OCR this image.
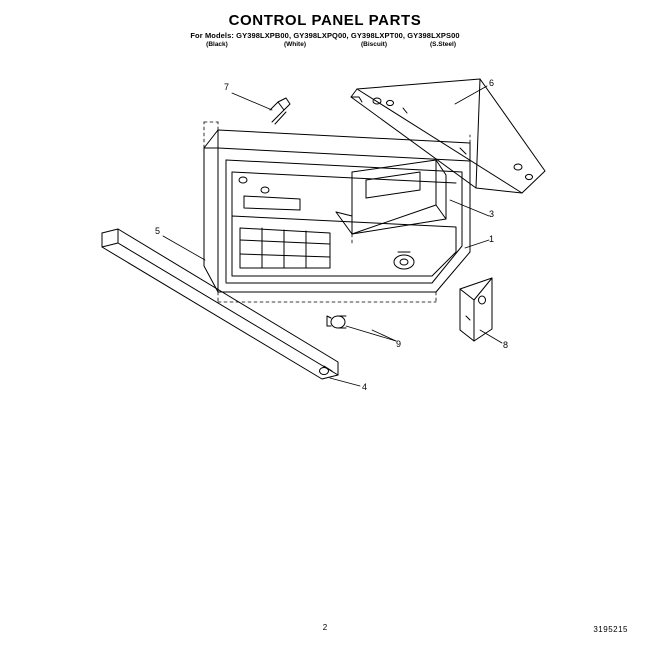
CONTROL PANEL PARTS
For Models: GY398LXPB00, GY398LXPQ00, GY398LXPT00, GY398LXPS00
(Black)	(White)	(Biscuit)	(S.Steel)
6
3
1
4
5
7
8
9
2	3195215
